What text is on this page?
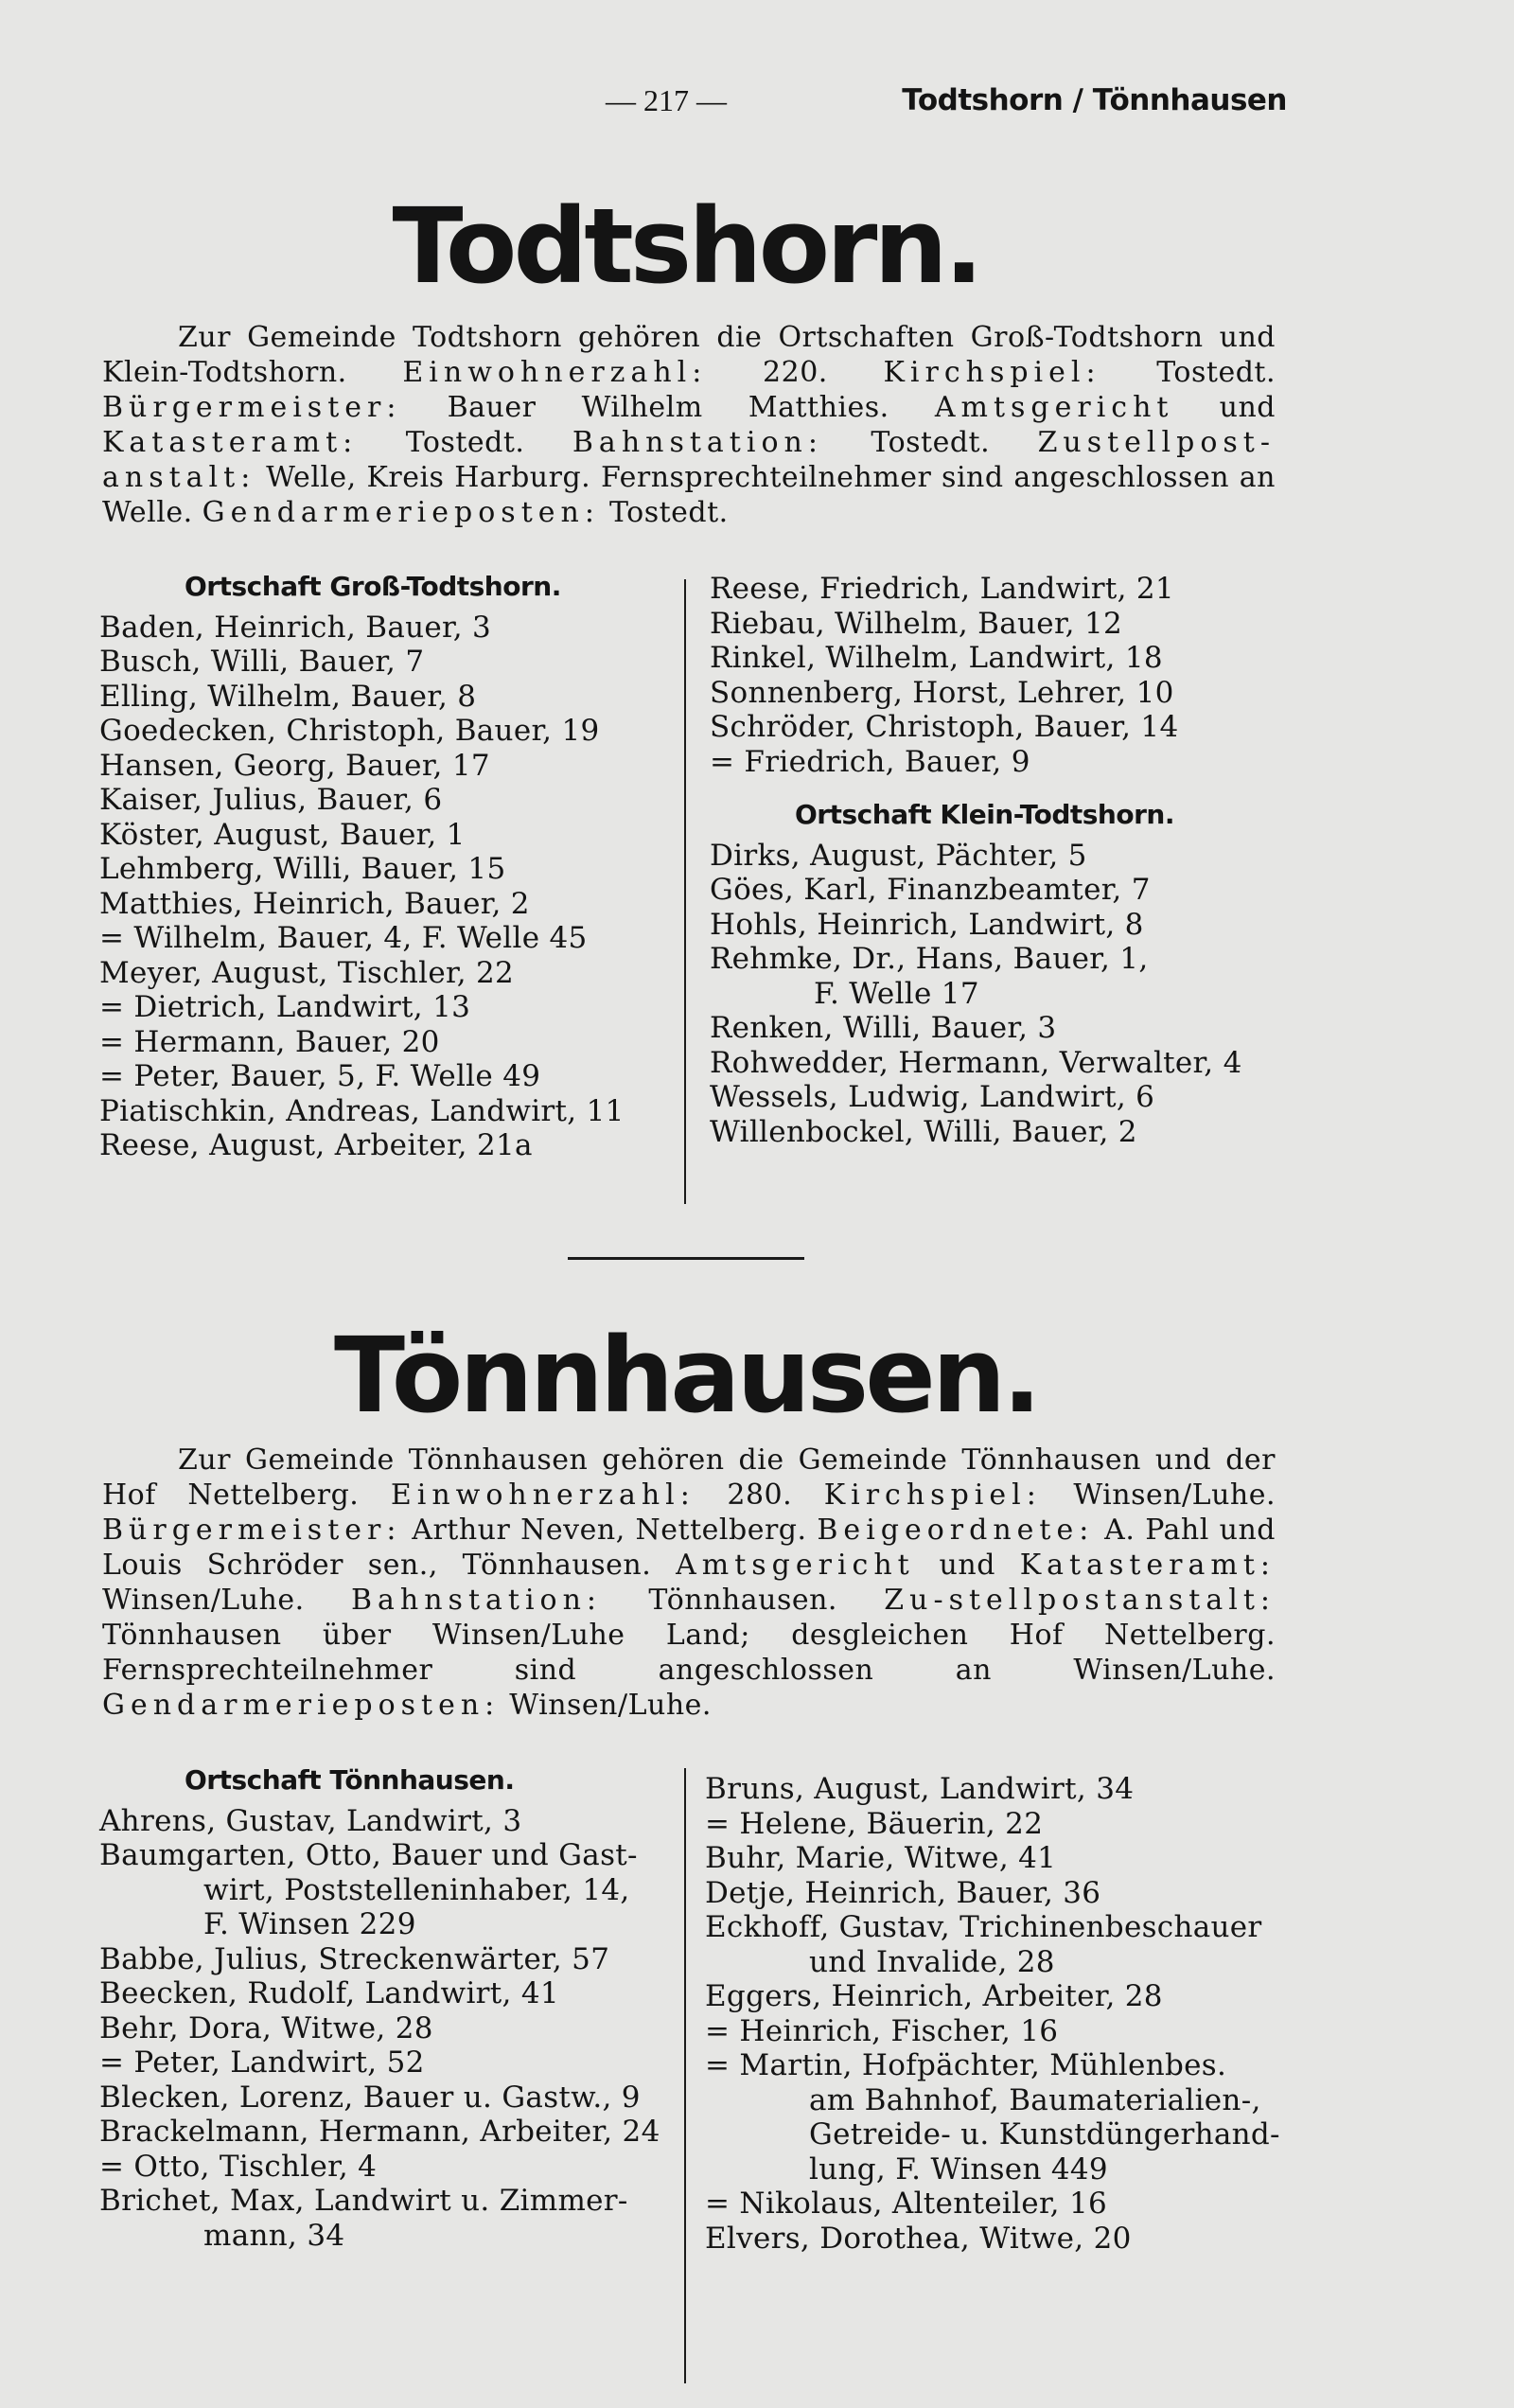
— 217 —	Todtshorn / Tönnhausen
Todtshorn.
Zur Gemeinde Todtshorn gehören die Ortschaften Groß-Todtshorn und Klein-Todtshorn. Einwohnerzahl: 220. Kirchspiel: Tostedt. Bürgermeister: Bauer Wilhelm Matthies. Amtsgericht und Katasteramt: Tostedt. Bahnstation: Tostedt. Zustellpost-anstalt: Welle, Kreis Harburg. Fernsprechteilnehmer sind angeschlossen an Welle. Gendarmerieposten: Tostedt.
Ortschaft Groß-Todtshorn.
Baden, Heinrich, Bauer, 3
Busch, Willi, Bauer, 7
Elling, Wilhelm, Bauer, 8
Goedecken, Christoph, Bauer, 19
Hansen, Georg, Bauer, 17
Kaiser, Julius, Bauer, 6
Köster, August, Bauer, 1
Lehmberg, Willi, Bauer, 15
Matthies, Heinrich, Bauer, 2
= Wilhelm, Bauer, 4, F. Welle 45
Meyer, August, Tischler, 22
= Dietrich, Landwirt, 13
= Hermann, Bauer, 20
= Peter, Bauer, 5, F. Welle 49
Piatischkin, Andreas, Landwirt, 11
Reese, August, Arbeiter, 21a
Reese, Friedrich, Landwirt, 21
Riebau, Wilhelm, Bauer, 12
Rinkel, Wilhelm, Landwirt, 18
Sonnenberg, Horst, Lehrer, 10
Schröder, Christoph, Bauer, 14
= Friedrich, Bauer, 9
Ortschaft Klein-Todtshorn.
Dirks, August, Pächter, 5
Göes, Karl, Finanzbeamter, 7
Hohls, Heinrich, Landwirt, 8
Rehmke, Dr., Hans, Bauer, 1,
F. Welle 17
Renken, Willi, Bauer, 3
Rohwedder, Hermann, Verwalter, 4
Wessels, Ludwig, Landwirt, 6
Willenbockel, Willi, Bauer, 2
Tönnhausen.
Zur Gemeinde Tönnhausen gehören die Gemeinde Tönnhausen und der Hof Nettelberg. Einwohnerzahl: 280. Kirchspiel: Winsen/Luhe. Bürgermeister: Arthur Neven, Nettelberg. Beigeordnete: A. Pahl und Louis Schröder sen., Tönnhausen. Amtsgericht und Katasteramt: Winsen/Luhe. Bahnstation: Tönnhausen. Zu-stellpostanstalt: Tönnhausen über Winsen/Luhe Land; desgleichen Hof Nettelberg. Fernsprechteilnehmer sind angeschlossen an Winsen/Luhe. Gendarmerieposten: Winsen/Luhe.
Ortschaft Tönnhausen.
Ahrens, Gustav, Landwirt, 3
Baumgarten, Otto, Bauer und Gast-
wirt, Poststelleninhaber, 14,
F. Winsen 229
Babbe, Julius, Streckenwärter, 57
Beecken, Rudolf, Landwirt, 41
Behr, Dora, Witwe, 28
= Peter, Landwirt, 52
Blecken, Lorenz, Bauer u. Gastw., 9
Brackelmann, Hermann, Arbeiter, 24
= Otto, Tischler, 4
Brichet, Max, Landwirt u. Zimmer-
mann, 34
Bruns, August, Landwirt, 34
= Helene, Bäuerin, 22
Buhr, Marie, Witwe, 41
Detje, Heinrich, Bauer, 36
Eckhoff, Gustav, Trichinenbeschauer
und Invalide, 28
Eggers, Heinrich, Arbeiter, 28
= Heinrich, Fischer, 16
= Martin, Hofpächter, Mühlenbes.
am Bahnhof, Baumaterialien-,
Getreide- u. Kunstdüngerhand-
lung, F. Winsen 449
= Nikolaus, Altenteiler, 16
Elvers, Dorothea, Witwe, 20
